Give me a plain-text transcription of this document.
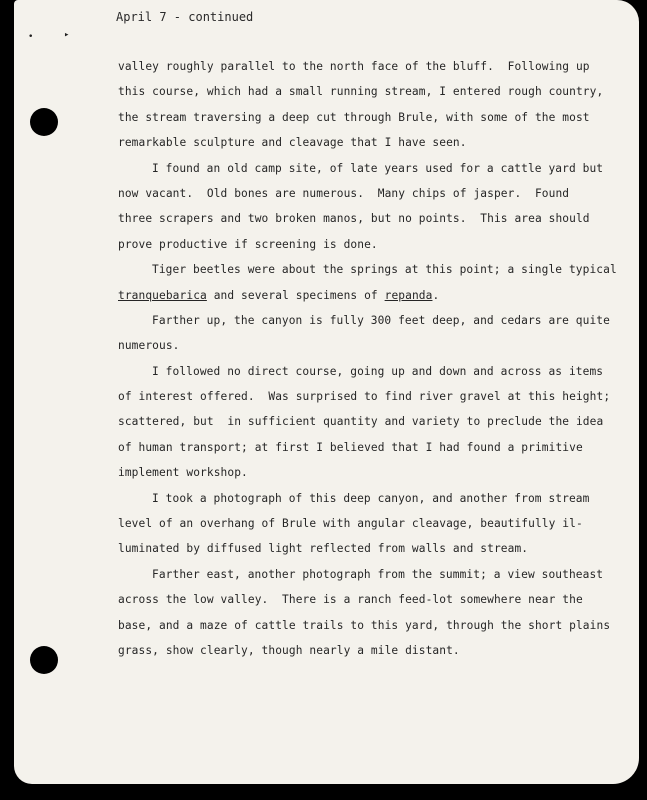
•	▸
April 7 - continued
valley roughly parallel to the north face of the bluff.  Following up
this course, which had a small running stream, I entered rough country,
the stream traversing a deep cut through Brule, with some of the most
remarkable sculpture and cleavage that I have seen.
I found an old camp site, of late years used for a cattle yard but
now vacant.  Old bones are numerous.  Many chips of jasper.  Found
three scrapers and two broken manos, but no points.  This area should
prove productive if screening is done.
Tiger beetles were about the springs at this point; a single typical
tranquebarica and several specimens of repanda.
Farther up, the canyon is fully 300 feet deep, and cedars are quite
numerous.
I followed no direct course, going up and down and across as items
of interest offered.  Was surprised to find river gravel at this height;
scattered, but  in sufficient quantity and variety to preclude the idea
of human transport; at first I believed that I had found a primitive
implement workshop.
I took a photograph of this deep canyon, and another from stream
level of an overhang of Brule with angular cleavage, beautifully il-
luminated by diffused light reflected from walls and stream.
Farther east, another photograph from the summit; a view southeast
across the low valley.  There is a ranch feed-lot somewhere near the
base, and a maze of cattle trails to this yard, through the short plains
grass, show clearly, though nearly a mile distant.
